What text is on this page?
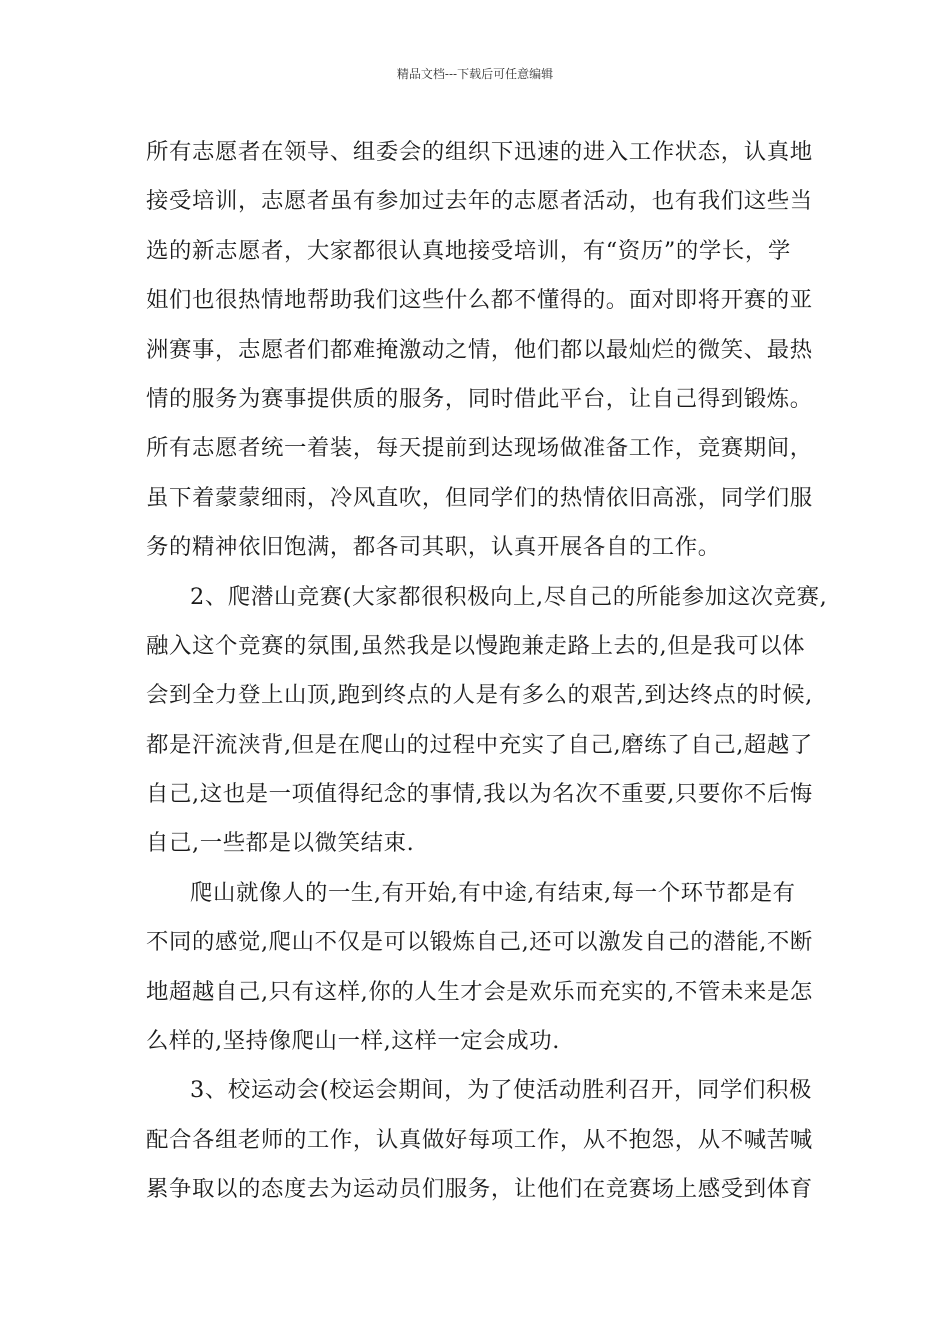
精品文档---下载后可任意编辑
所有志愿者在领导、组委会的组织下迅速的进入工作状态，认真地
接受培训，志愿者虽有参加过去年的志愿者活动，也有我们这些当
选的新志愿者，大家都很认真地接受培训，有“资历”的学长，学
姐们也很热情地帮助我们这些什么都不懂得的。面对即将开赛的亚
洲赛事，志愿者们都难掩激动之情，他们都以最灿烂的微笑、最热
情的服务为赛事提供质的服务，同时借此平台，让自己得到锻炼。
所有志愿者统一着装，每天提前到达现场做准备工作，竞赛期间，
虽下着蒙蒙细雨，冷风直吹，但同学们的热情依旧高涨，同学们服
务的精神依旧饱满，都各司其职，认真开展各自的工作。
2、爬潜山竞赛(大家都很积极向上,尽自己的所能参加这次竞赛,
融入这个竞赛的氛围,虽然我是以慢跑兼走路上去的,但是我可以体
会到全力登上山顶,跑到终点的人是有多么的艰苦,到达终点的时候,
都是汗流浃背,但是在爬山的过程中充实了自己,磨练了自己,超越了
自己,这也是一项值得纪念的事情,我以为名次不重要,只要你不后悔
自己,一些都是以微笑结束.
爬山就像人的一生,有开始,有中途,有结束,每一个环节都是有
不同的感觉,爬山不仅是可以锻炼自己,还可以激发自己的潜能,不断
地超越自己,只有这样,你的人生才会是欢乐而充实的,不管未来是怎
么样的,坚持像爬山一样,这样一定会成功.
3、校运动会(校运会期间，为了使活动胜利召开，同学们积极
配合各组老师的工作，认真做好每项工作，从不抱怨，从不喊苦喊
累争取以的态度去为运动员们服务，让他们在竞赛场上感受到体育
